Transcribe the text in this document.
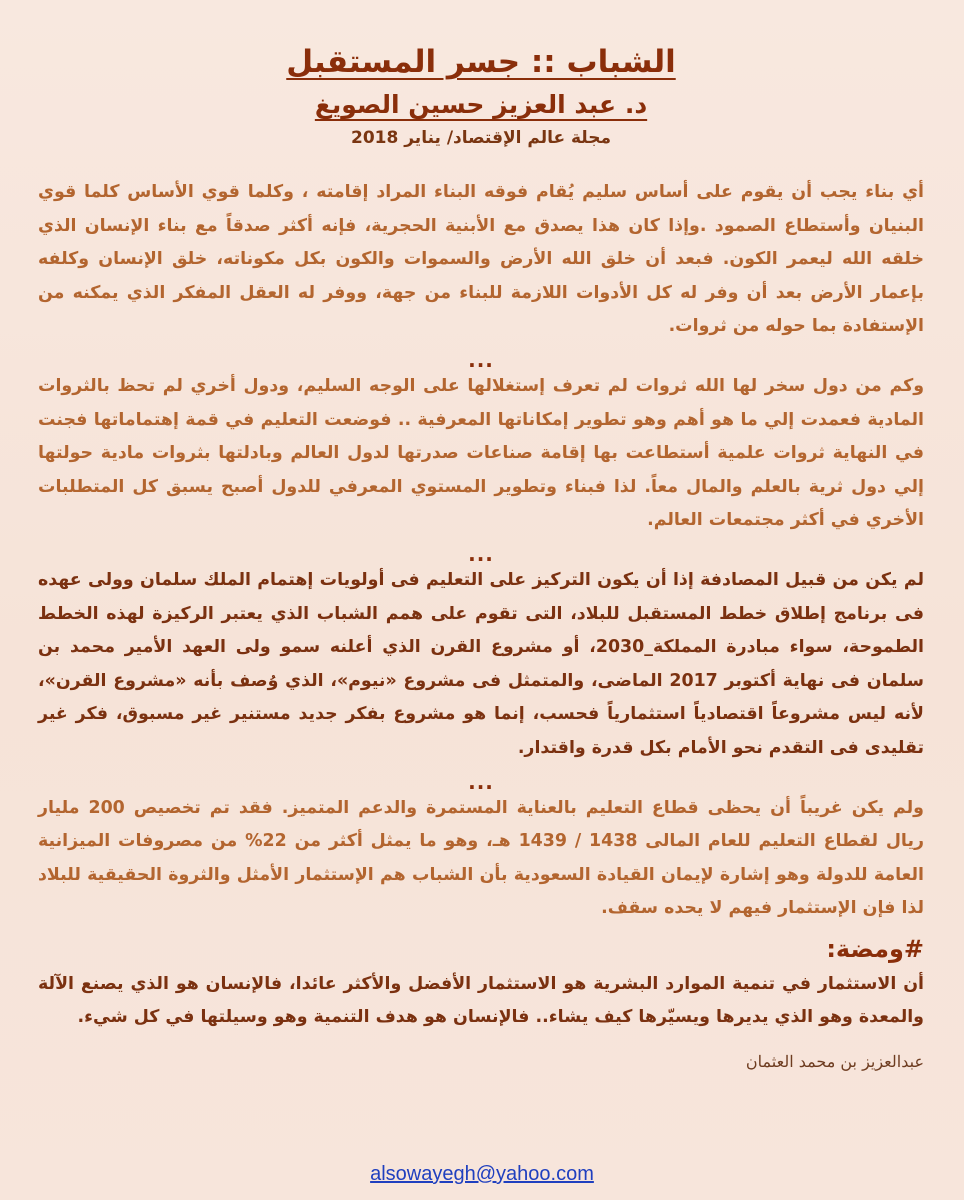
الشباب :: جسر المستقبل
د. عبد العزيز حسين الصويغ
مجلة عالم الإقتصاد/ يناير 2018

أي بناء يجب أن يقوم على أساس سليم يُقام فوقه البناء المراد إقامته ، وكلما قوي الأساس كلما قوي البنيان وأستطاع الصمود .وإذا كان هذا يصدق مع الأبنية الحجرية، فإنه أكثر صدقاً مع بناء الإنسان الذي خلقه الله ليعمر الكون. فبعد أن خلق الله الأرض والسموات والكون بكل مكوناته، خلق الإنسان وكلفه بإعمار الأرض بعد أن وفر له كل الأدوات اللازمة للبناء من جهة، ووفر له العقل المفكر الذي يمكنه من الإستفادة بما حوله من ثروات.

...

وكم من دول سخر لها الله ثروات لم تعرف إستغلالها على الوجه السليم، ودول أخري لم تحظ بالثروات المادية فعمدت إلي ما هو أهم وهو تطوير إمكاناتها المعرفية .. فوضعت التعليم في قمة إهتماماتها فجنت في النهاية ثروات علمية أستطاعت بها إقامة صناعات صدرتها لدول العالم وبادلتها بثروات مادية حولتها إلي دول ثرية بالعلم والمال معاً. لذا فبناء وتطوير المستوي المعرفي للدول أصبح يسبق كل المتطلبات الأخري في أكثر مجتمعات العالم.

...

لم يكن من قبيل المصادفة إذا أن يكون التركيز على التعليم فى أولويات إهتمام الملك سلمان وولى عهده فى برنامج إطلاق خطط المستقبل للبلاد، التى تقوم على همم الشباب الذي يعتبر الركيزة لهذه الخطط الطموحة، سواء مبادرة المملكة_2030، أو مشروع القرن الذي أعلنه سمو ولى العهد الأمير محمد بن سلمان فى نهاية أكتوبر 2017 الماضى، والمتمثل فى مشروع «نيوم»، الذي وُصف بأنه «مشروع القرن»، لأنه ليس مشروعاً اقتصادياً استثمارياً فحسب، إنما هو مشروع بفكر جديد مستنير غير مسبوق، فكر غير تقليدى فى التقدم نحو الأمام بكل قدرة واقتدار.

...

ولم يكن غريباً أن يحظى قطاع التعليم بالعناية المستمرة والدعم المتميز. فقد تم تخصيص 200 مليار ريال لقطاع التعليم للعام المالى 1438 / 1439 هـ، وهو ما يمثل أكثر من 22% من مصروفات الميزانية العامة للدولة وهو إشارة لإيمان القيادة السعودية بأن الشباب هم الإستثمار الأمثل والثروة الحقيقية للبلاد لذا فإن الإستثمار فيهم لا يحده سقف.

#ومضة:

أن الاستثمار في تنمية الموارد البشرية هو الاستثمار الأفضل والأكثر عائدا، فالإنسان هو الذي يصنع الآلة والمعدة وهو الذي يديرها ويسيّرها كيف يشاء.. فالإنسان هو هدف التنمية وهو وسيلتها في كل شيء.

عبدالعزيز بن محمد العثمان
alsowayegh@yahoo.com
